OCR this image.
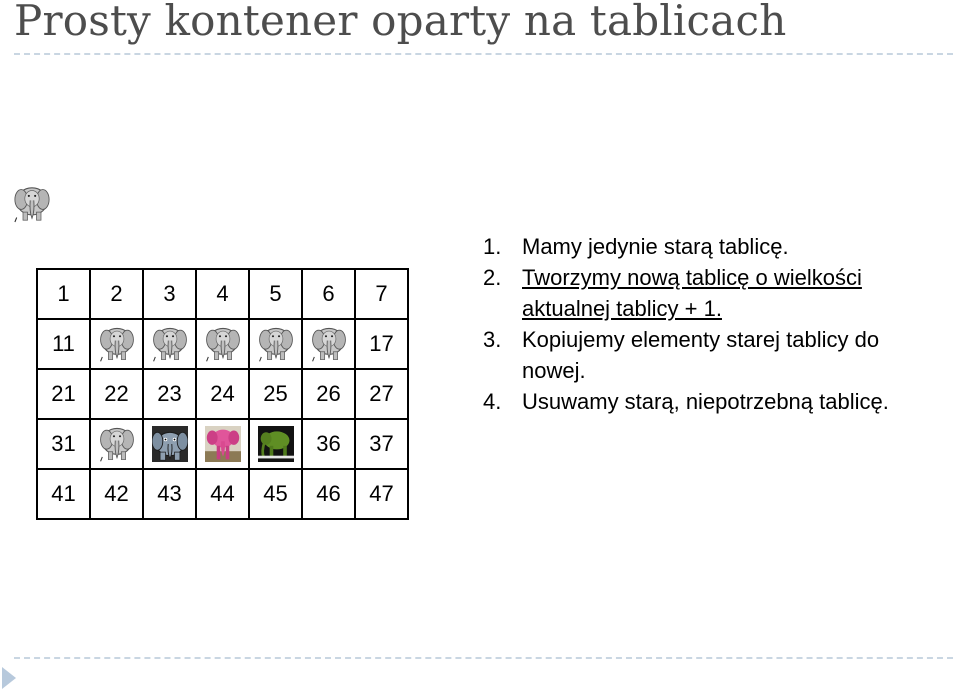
Prosty kontener oparty na tablicach
1	2	3	4	5	6	7
11						17
21	22	23	24	25	26	27
31					36	37
41	42	43	44	45	46	47
1. Mamy jedynie starą tablicę.
2. Tworzymy nową tablicę o wielkości aktualnej tablicy + 1.
3. Kopiujemy elementy starej tablicy do nowej.
4. Usuwamy starą, niepotrzebną tablicę.
